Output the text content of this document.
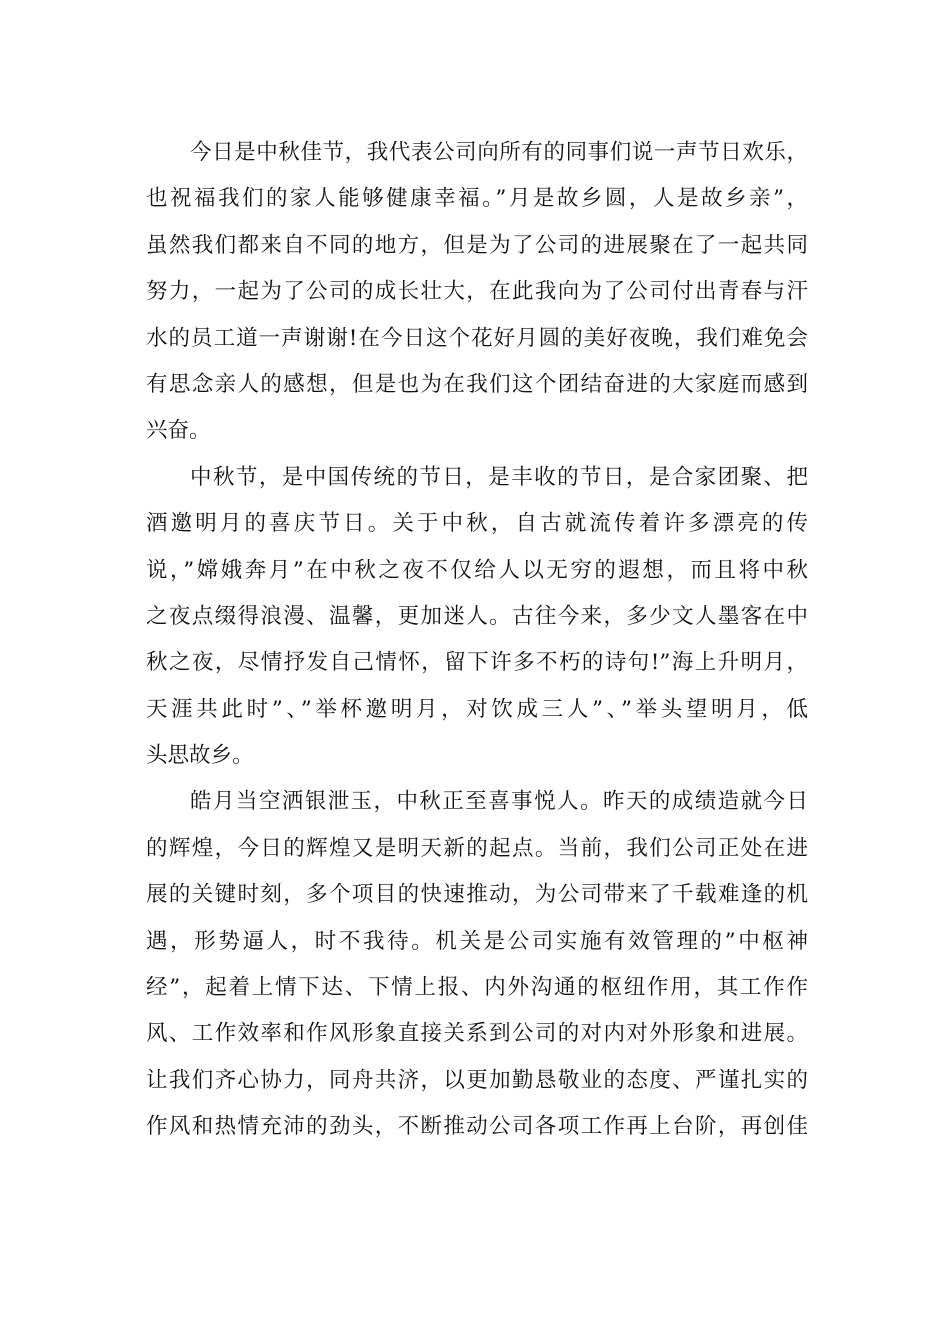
今日是中秋佳节，我代表公司向所有的同事们说一声节日欢乐，
也祝福我们的家人能够健康幸福。”月是故乡圆，人是故乡亲”，
虽然我们都来自不同的地方，但是为了公司的进展聚在了一起共同
努力，一起为了公司的成长壮大，在此我向为了公司付出青春与汗
水的员工道一声谢谢!在今日这个花好月圆的美好夜晚，我们难免会
有思念亲人的感想，但是也为在我们这个团结奋进的大家庭而感到
兴奋。
中秋节，是中国传统的节日，是丰收的节日，是合家团聚、把
酒邀明月的喜庆节日。关于中秋，自古就流传着许多漂亮的传
说，”嫦娥奔月”在中秋之夜不仅给人以无穷的遐想，而且将中秋
之夜点缀得浪漫、温馨，更加迷人。古往今来，多少文人墨客在中
秋之夜，尽情抒发自己情怀，留下许多不朽的诗句!”海上升明月，
天涯共此时”、”举杯邀明月，对饮成三人”、”举头望明月，低
头思故乡。
皓月当空洒银泄玉，中秋正至喜事悦人。昨天的成绩造就今日
的辉煌，今日的辉煌又是明天新的起点。当前，我们公司正处在进
展的关键时刻，多个项目的快速推动，为公司带来了千载难逢的机
遇，形势逼人，时不我待。机关是公司实施有效管理的”中枢神
经”，起着上情下达、下情上报、内外沟通的枢纽作用，其工作作
风、工作效率和作风形象直接关系到公司的对内对外形象和进展。
让我们齐心协力，同舟共济，以更加勤恳敬业的态度、严谨扎实的
作风和热情充沛的劲头，不断推动公司各项工作再上台阶，再创佳
